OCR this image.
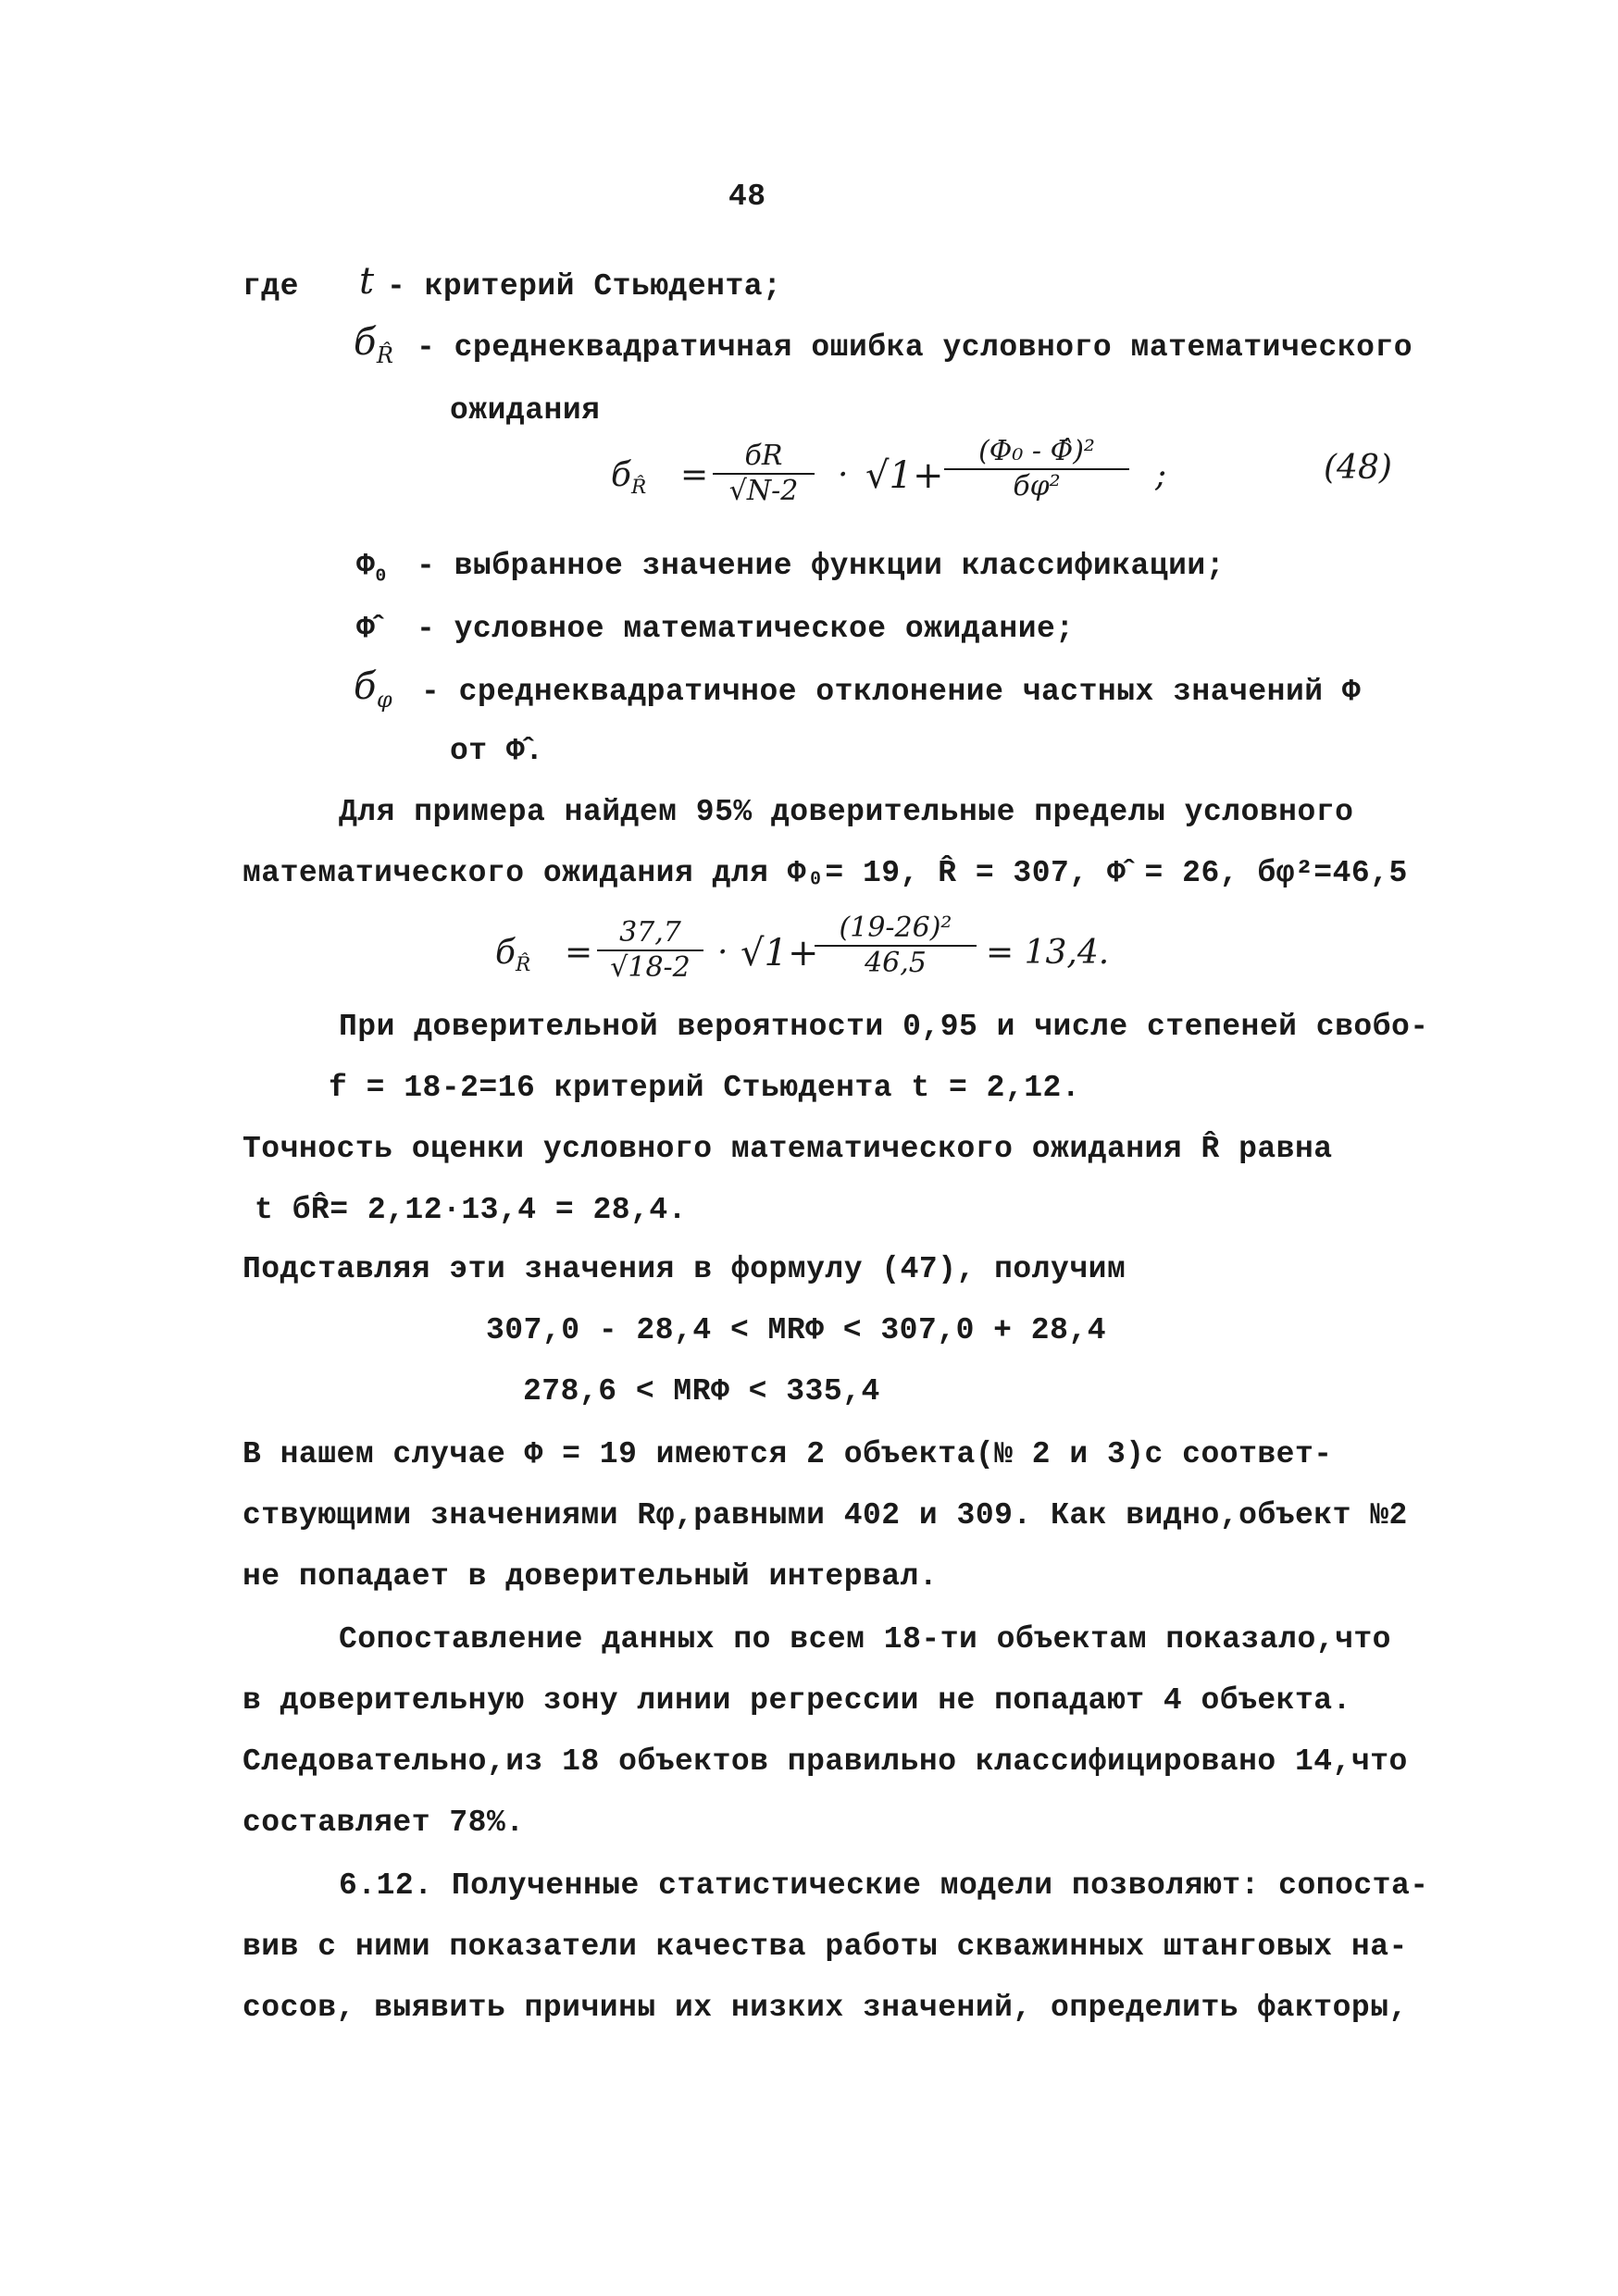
48
где t - критерий Стьюдента;
$б_{R̂}$ - среднеквадратичная ошибка условного математического
ожидания
$б_{R̂}$ =
бR
√N-2	· √1+
(Φ₀ - Φ̂)²
бφ²	;	(48)
$\Phi_0$ - выбранное значение функции классификации;
Φ̂ - условное математическое ожидание;
$б_\varphi$ - среднеквадратичное отклонение частных значений Φ
от Φ̂.
Для примера найдем 95% доверительные пределы условного
математического ожидания для Φ₀= 19, R̂ = 307, Φ̂ = 26, бφ²=46,5
$б_{R̂} = \frac{37,7}{√18-2} \cdot √1+$
$\frac{\text{(19-26)²}}{46,5} = 13,4$.
При доверительной вероятности 0,95 и числе степеней свобо-
f = 18-2=16 критерий Стьюдента t = 2,12.
Точность оценки условного математического ожидания R̂ равна
t бR̂= 2,12·13,4 = 28,4.
Подставляя эти значения в формулу (47), получим
307,0 - 28,4 < MRΦ < 307,0 + 28,4
278,6 < MRΦ < 335,4
В нашем случае Φ = 19 имеются 2 объекта(№ 2 и 3)с соответ-
ствующими значениями Rφ,равными 402 и 309. Как видно,объект №2
не попадает в доверительный интервал.
Сопоставление данных по всем 18-ти объектам показало,что
в доверительную зону линии регрессии не попадают 4 объекта.
Следовательно,из 18 объектов правильно классифицировано 14,что
составляет 78%.
6.12. Полученные статистические модели позволяют: сопоста-
вив с ними показатели качества работы скважинных штанговых на-
сосов, выявить причины их низких значений, определить факторы,
